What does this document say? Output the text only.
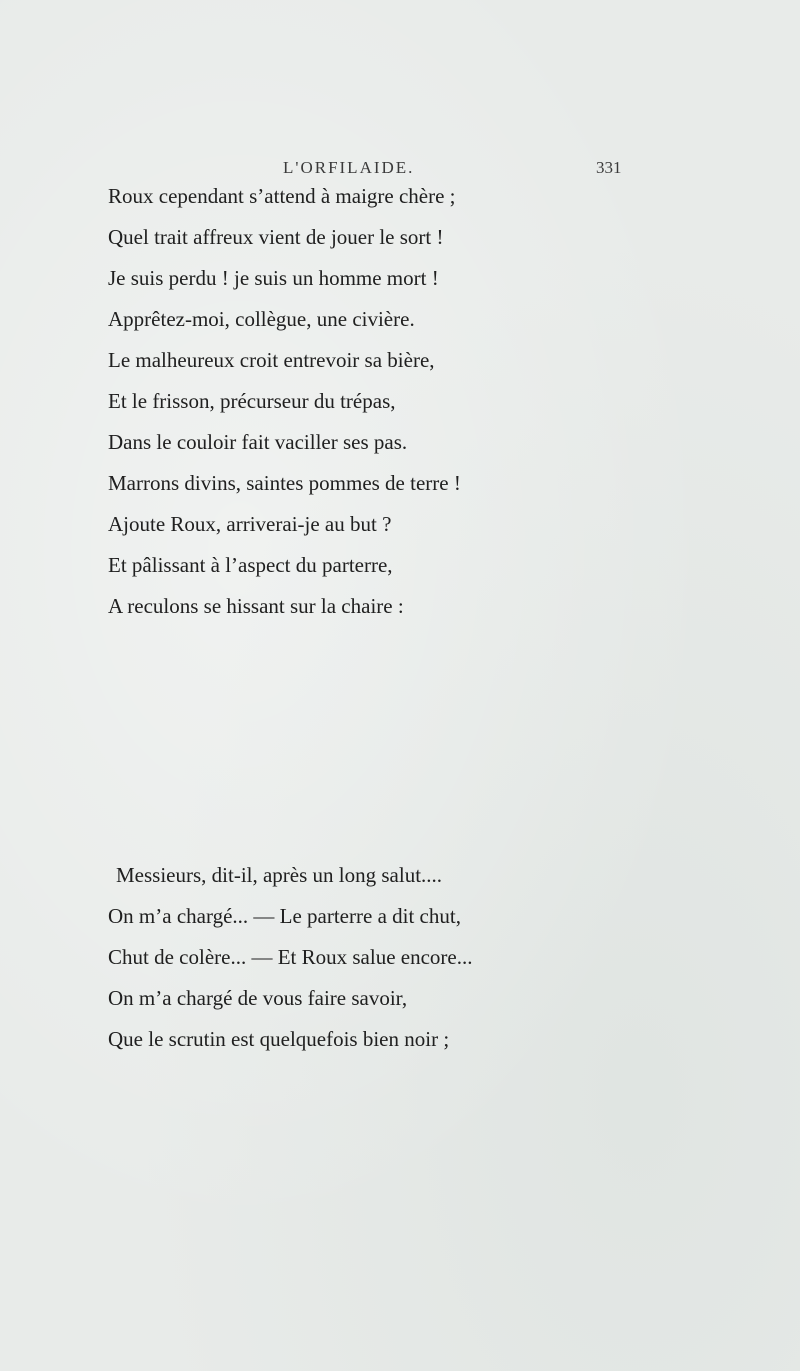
L'ORFILAIDE.	331
Roux cependant s’attend à maigre chère ;
Quel trait affreux vient de jouer le sort !
Je suis perdu ! je suis un homme mort !
Apprêtez-moi, collègue, une civière.
Le malheureux croit entrevoir sa bière,
Et le frisson, précurseur du trépas,
Dans le couloir fait vaciller ses pas.
Marrons divins, saintes pommes de terre !
Ajoute Roux, arriverai-je au but ?
Et pâlissant à l’aspect du parterre,
A reculons se hissant sur la chaire :
Messieurs, dit-il, après un long salut....
On m’a chargé... — Le parterre a dit chut,
Chut de colère... — Et Roux salue encore...
On m’a chargé de vous faire savoir,
Que le scrutin est quelquefois bien noir ;
